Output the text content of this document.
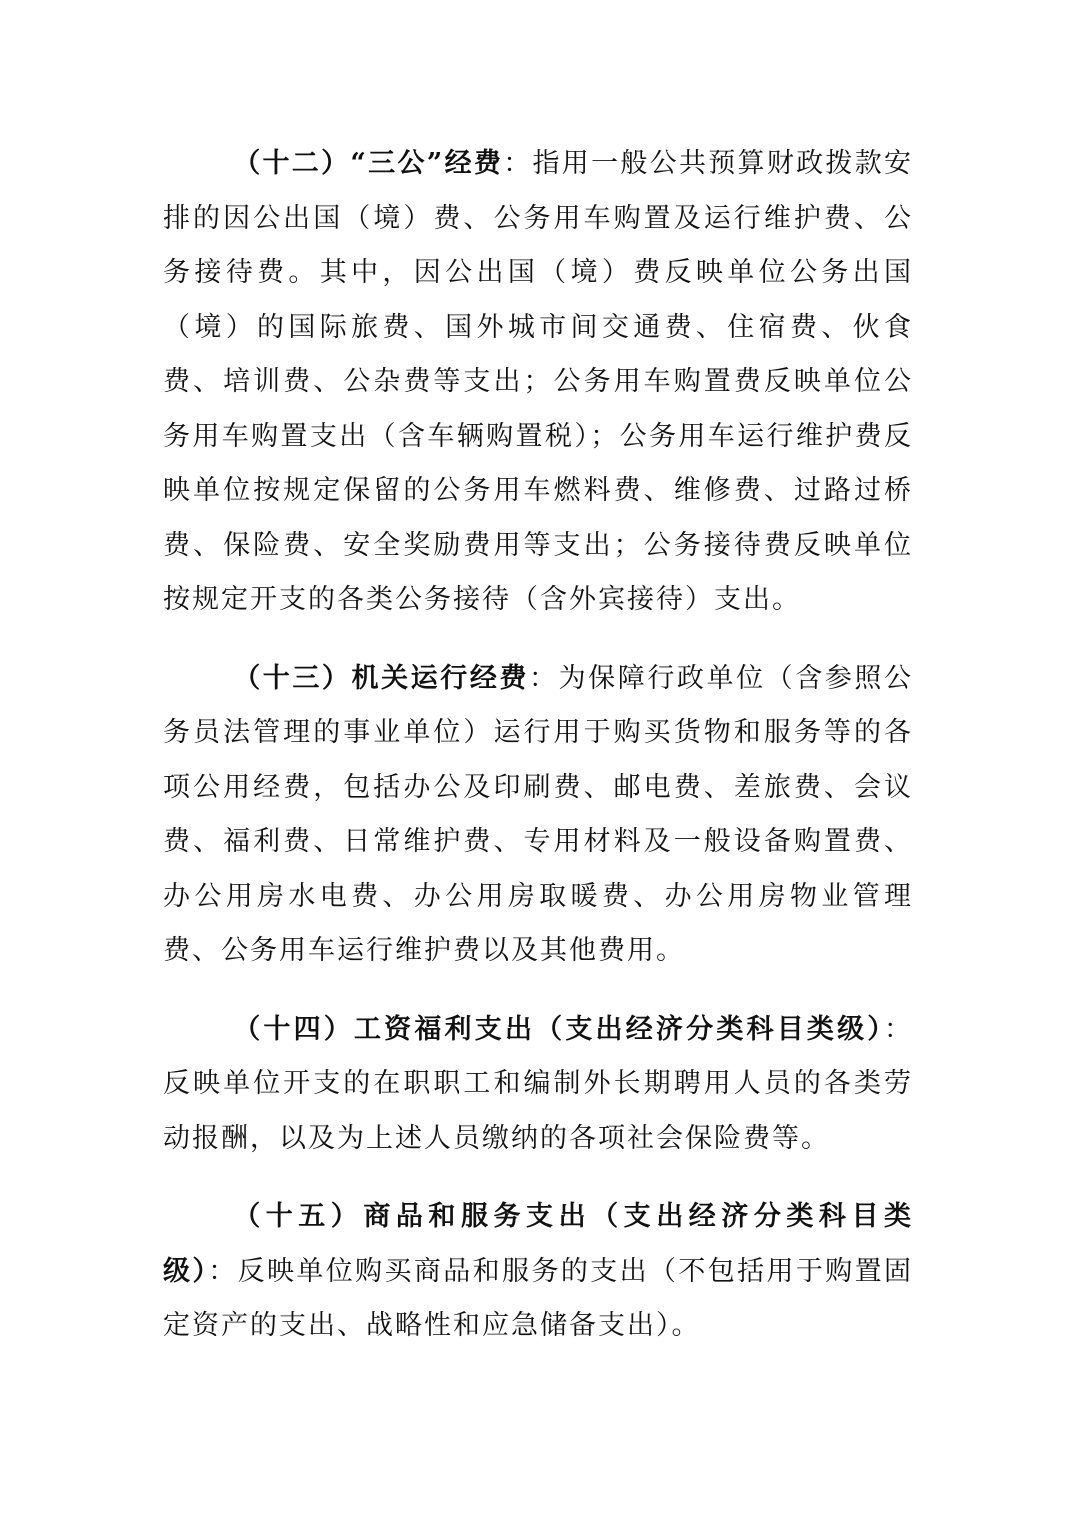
（十二）“三公”经费：指用一般公共预算财政拨款安排的因公出国（境）费、公务用车购置及运行维护费、公务接待费。其中，因公出国（境）费反映单位公务出国（境）的国际旅费、国外城市间交通费、住宿费、伙食费、培训费、公杂费等支出；公务用车购置费反映单位公务用车购置支出（含车辆购置税）；公务用车运行维护费反映单位按规定保留的公务用车燃料费、维修费、过路过桥费、保险费、安全奖励费用等支出；公务接待费反映单位按规定开支的各类公务接待（含外宾接待）支出。

（十三）机关运行经费：为保障行政单位（含参照公务员法管理的事业单位）运行用于购买货物和服务等的各项公用经费，包括办公及印刷费、邮电费、差旅费、会议费、福利费、日常维护费、专用材料及一般设备购置费、办公用房水电费、办公用房取暖费、办公用房物业管理费、公务用车运行维护费以及其他费用。

（十四）工资福利支出（支出经济分类科目类级）：反映单位开支的在职职工和编制外长期聘用人员的各类劳动报酬，以及为上述人员缴纳的各项社会保险费等。

（十五）商品和服务支出（支出经济分类科目类级）：反映单位购买商品和服务的支出（不包括用于购置固定资产的支出、战略性和应急储备支出）。
